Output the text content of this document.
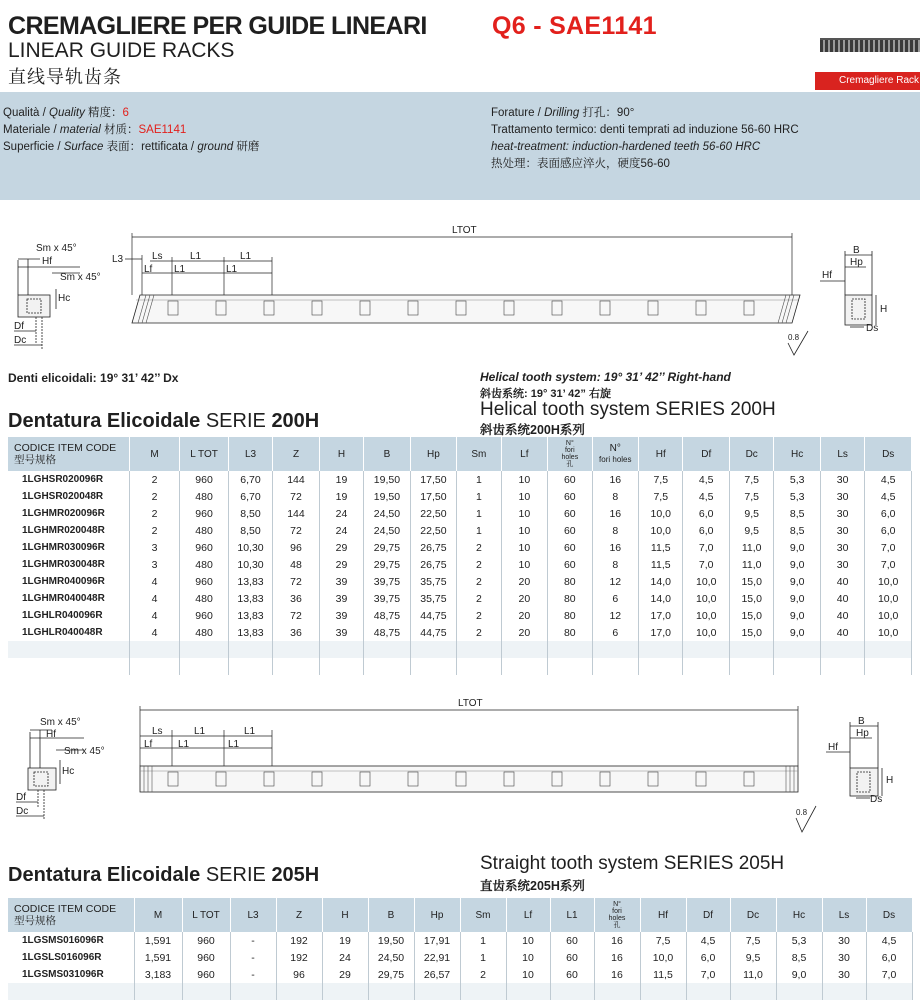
CREMAGLIERE PER GUIDE LINEARI	Q6 - SAE1141
LINEAR GUIDE RACKS
直线导轨齿条	Cremagliere Rack
Qualità / Quality 精度：6
Materiale / material 材质：SAE1141
Superficie / Surface 表面：rettificata / ground 研磨
Forature / Drilling 打孔：90°
Trattamento termico: denti temprati ad induzione 56-60 HRC
heat-treatment: induction-hardened teeth 56-60 HRC
热处理：表面感应淬火，硬度56-60
Sm x 45°
Hf
Sm x 45°
Hc
Df
Dc
LTOT
L3	Ls	L1	L1
Lf L1	L1
B
Hp
Hf
H
Ds
0.8
Denti elicoidali: 19° 31’ 42’’ Dx	Helical tooth system: 19° 31’ 42’’ Right-hand
斜齿系统: 19° 31’ 42” 右旋
Dentatura Elicoidale SERIE 200H
Helical tooth system SERIES 200H
斜齿系统200H系列
CODICE ITEM CODE
型号规格	M	L TOT	L3	Z	H	B	Hp	Sm	Lf	N°
fori
holes
孔	N°
fori holes	Hf	Df	Dc	Hc	Ls	Ds
1LGHSR020096R	2	960	6,70	144	19	19,50	17,50	1	10	60	16	7,5	4,5	7,5	5,3	30	4,5
1LGHSR020048R	2	480	6,70	72	19	19,50	17,50	1	10	60	8	7,5	4,5	7,5	5,3	30	4,5
1LGHMR020096R	2	960	8,50	144	24	24,50	22,50	1	10	60	16	10,0	6,0	9,5	8,5	30	6,0
1LGHMR020048R	2	480	8,50	72	24	24,50	22,50	1	10	60	8	10,0	6,0	9,5	8,5	30	6,0
1LGHMR030096R	3	960	10,30	96	29	29,75	26,75	2	10	60	16	11,5	7,0	11,0	9,0	30	7,0
1LGHMR030048R	3	480	10,30	48	29	29,75	26,75	2	10	60	8	11,5	7,0	11,0	9,0	30	7,0
1LGHMR040096R	4	960	13,83	72	39	39,75	35,75	2	20	80	12	14,0	10,0	15,0	9,0	40	10,0
1LGHMR040048R	4	480	13,83	36	39	39,75	35,75	2	20	80	6	14,0	10,0	15,0	9,0	40	10,0
1LGHLR040096R	4	960	13,83	72	39	48,75	44,75	2	20	80	12	17,0	10,0	15,0	9,0	40	10,0
1LGHLR040048R	4	480	13,83	36	39	48,75	44,75	2	20	80	6	17,0	10,0	15,0	9,0	40	10,0

Sm x 45°
Hf
Sm x 45°
Hc
Df
Dc
LTOT
Ls	L1	L1
Lf	L1	L1
B
Hp
Hf
H
Ds
0.8
Dentatura Elicoidale SERIE 205H
Straight tooth system SERIES 205H
直齿系统205H系列
CODICE ITEM CODE
型号规格	M	L TOT	L3	Z	H	B	Hp	Sm	Lf	L1	N°
fori
holes
孔	Hf	Df	Dc	Hc	Ls	Ds
1LGSMS016096R	1,591	960	-	192	19	19,50	17,91	1	10	60	16	7,5	4,5	7,5	5,3	30	4,5
1LGSLS016096R	1,591	960	-	192	24	24,50	22,91	1	10	60	16	10,0	6,0	9,5	8,5	30	6,0
1LGSMS031096R	3,183	960	-	96	29	29,75	26,57	2	10	60	16	11,5	7,0	11,0	9,0	30	7,0
